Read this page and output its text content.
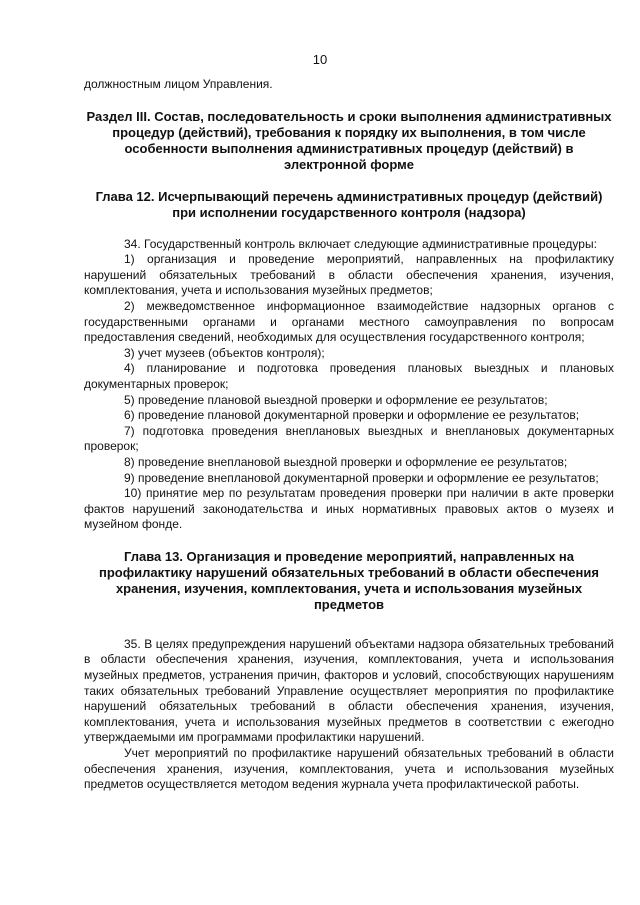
10

должностным лицом Управления.

Раздел III. Состав, последовательность и сроки выполнения административных процедур (действий), требования к порядку их выполнения, в том числе особенности выполнения административных процедур (действий) в электронной форме

Глава 12. Исчерпывающий перечень административных процедур (действий) при исполнении государственного контроля (надзора)

34. Государственный контроль включает следующие административные процедуры:

1) организация и проведение мероприятий, направленных на профилактику нарушений обязательных требований в области обеспечения хранения, изучения, комплектования, учета и использования музейных предметов;

2) межведомственное информационное взаимодействие надзорных органов с государственными органами и органами местного самоуправления по вопросам предоставления сведений, необходимых для осуществления государственного контроля;

3) учет музеев (объектов контроля);

4) планирование и подготовка проведения плановых выездных и плановых документарных проверок;

5) проведение плановой выездной проверки и оформление ее результатов;

6) проведение плановой документарной проверки и оформление ее результатов;

7) подготовка проведения внеплановых выездных и внеплановых документарных проверок;

8) проведение внеплановой выездной проверки и оформление ее результатов;

9) проведение внеплановой документарной проверки и оформление ее результатов;

10) принятие мер по результатам проведения проверки при наличии в акте проверки фактов нарушений законодательства и иных нормативных правовых актов о музеях и музейном фонде.

Глава 13. Организация и проведение мероприятий, направленных на профилактику нарушений обязательных требований в области обеспечения хранения, изучения, комплектования, учета и использования музейных предметов

35. В целях предупреждения нарушений объектами надзора обязательных требований в области обеспечения хранения, изучения, комплектования, учета и использования музейных предметов, устранения причин, факторов и условий, способствующих нарушениям таких обязательных требований Управление осуществляет мероприятия по профилактике нарушений обязательных требований в области обеспечения хранения, изучения, комплектования, учета и использования музейных предметов в соответствии с ежегодно утверждаемыми им программами профилактики нарушений.

Учет мероприятий по профилактике нарушений обязательных требований в области обеспечения хранения, изучения, комплектования, учета и использования музейных предметов осуществляется методом ведения журнала учета профилактической работы.
